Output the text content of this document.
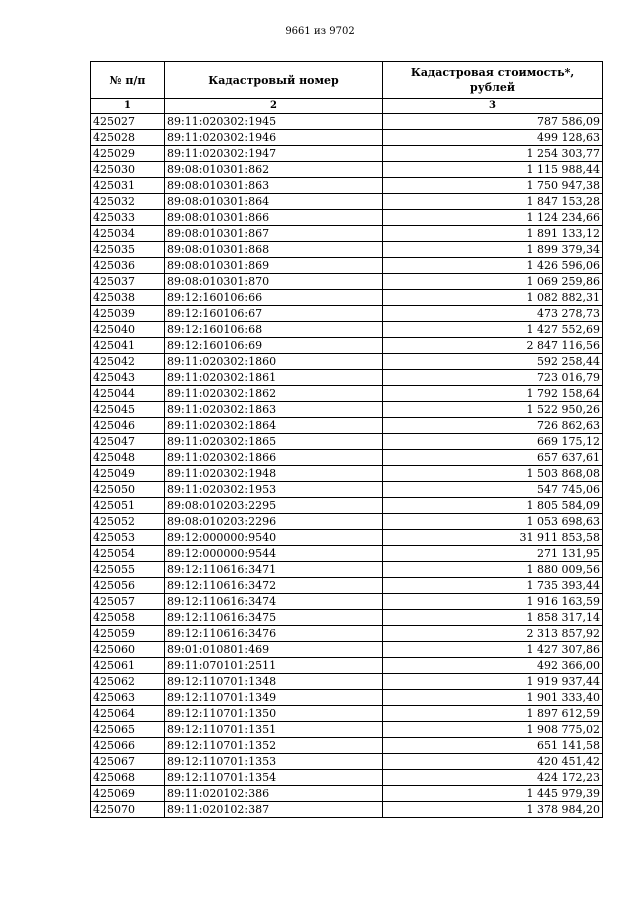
9661 из 9702
№ п/п	Кадастровый номер	Кадастровая стоимость*,
рублей
1	2	3
425027	89:11:020302:1945	787 586,09
425028	89:11:020302:1946	499 128,63
425029	89:11:020302:1947	1 254 303,77
425030	89:08:010301:862	1 115 988,44
425031	89:08:010301:863	1 750 947,38
425032	89:08:010301:864	1 847 153,28
425033	89:08:010301:866	1 124 234,66
425034	89:08:010301:867	1 891 133,12
425035	89:08:010301:868	1 899 379,34
425036	89:08:010301:869	1 426 596,06
425037	89:08:010301:870	1 069 259,86
425038	89:12:160106:66	1 082 882,31
425039	89:12:160106:67	473 278,73
425040	89:12:160106:68	1 427 552,69
425041	89:12:160106:69	2 847 116,56
425042	89:11:020302:1860	592 258,44
425043	89:11:020302:1861	723 016,79
425044	89:11:020302:1862	1 792 158,64
425045	89:11:020302:1863	1 522 950,26
425046	89:11:020302:1864	726 862,63
425047	89:11:020302:1865	669 175,12
425048	89:11:020302:1866	657 637,61
425049	89:11:020302:1948	1 503 868,08
425050	89:11:020302:1953	547 745,06
425051	89:08:010203:2295	1 805 584,09
425052	89:08:010203:2296	1 053 698,63
425053	89:12:000000:9540	31 911 853,58
425054	89:12:000000:9544	271 131,95
425055	89:12:110616:3471	1 880 009,56
425056	89:12:110616:3472	1 735 393,44
425057	89:12:110616:3474	1 916 163,59
425058	89:12:110616:3475	1 858 317,14
425059	89:12:110616:3476	2 313 857,92
425060	89:01:010801:469	1 427 307,86
425061	89:11:070101:2511	492 366,00
425062	89:12:110701:1348	1 919 937,44
425063	89:12:110701:1349	1 901 333,40
425064	89:12:110701:1350	1 897 612,59
425065	89:12:110701:1351	1 908 775,02
425066	89:12:110701:1352	651 141,58
425067	89:12:110701:1353	420 451,42
425068	89:12:110701:1354	424 172,23
425069	89:11:020102:386	1 445 979,39
425070	89:11:020102:387	1 378 984,20
